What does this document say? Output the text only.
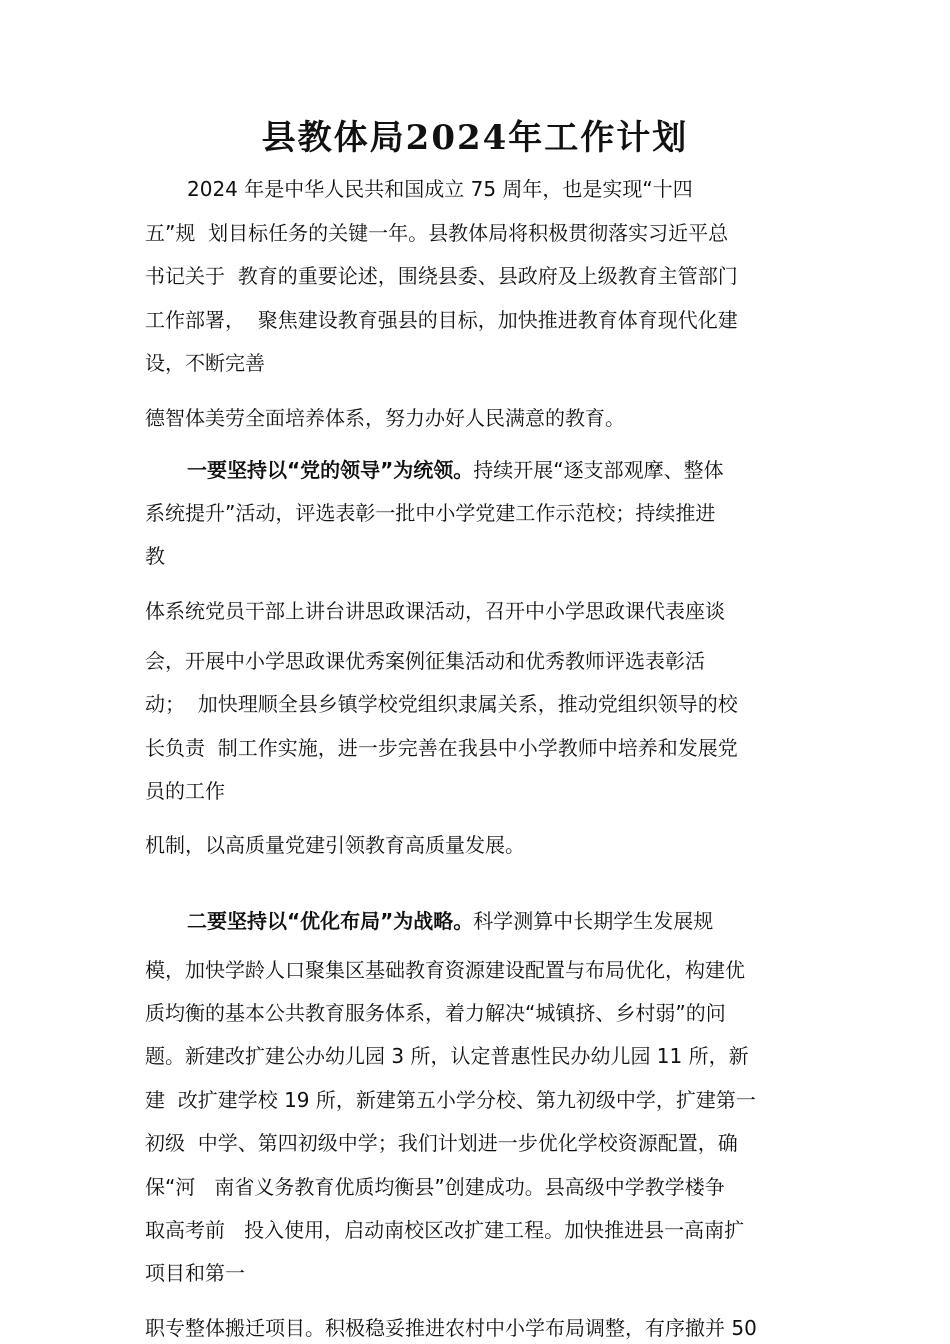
县教体局2024年工作计划

2024 年是中华人民共和国成立 75 周年，也是实现“十四

五”规  划目标任务的关键一年。县教体局将积极贯彻落实习近平总

书记关于  教育的重要论述，围绕县委、县政府及上级教育主管部门

工作部署，  聚焦建设教育强县的目标，加快推进教育体育现代化建

设，不断完善

德智体美劳全面培养体系，努力办好人民满意的教育。

一要坚持以“党的领导”为统领。持续开展“逐支部观摩、整体

系统提升”活动，评选表彰一批中小学党建工作示范校；持续推进

教

体系统党员干部上讲台讲思政课活动，召开中小学思政课代表座谈

会，开展中小学思政课优秀案例征集活动和优秀教师评选表彰活

动；  加快理顺全县乡镇学校党组织隶属关系，推动党组织领导的校

长负责  制工作实施，进一步完善在我县中小学教师中培养和发展党

员的工作

机制，以高质量党建引领教育高质量发展。

二要坚持以“优化布局”为战略。科学测算中长期学生发展规

模，加快学龄人口聚集区基础教育资源建设配置与布局优化，构建优

质均衡的基本公共教育服务体系，着力解决“城镇挤、乡村弱”的问

题。新建改扩建公办幼儿园 3 所，认定普惠性民办幼儿园 11 所，新

建  改扩建学校 19 所，新建第五小学分校、第九初级中学，扩建第一

初级  中学、第四初级中学；我们计划进一步优化学校资源配置，确

保“河   南省义务教育优质均衡县”创建成功。县高级中学教学楼争

取高考前   投入使用，启动南校区改扩建工程。加快推进县一高南扩

项目和第一

职专整体搬迁项目。积极稳妥推进农村中小学布局调整，有序撤并 50
